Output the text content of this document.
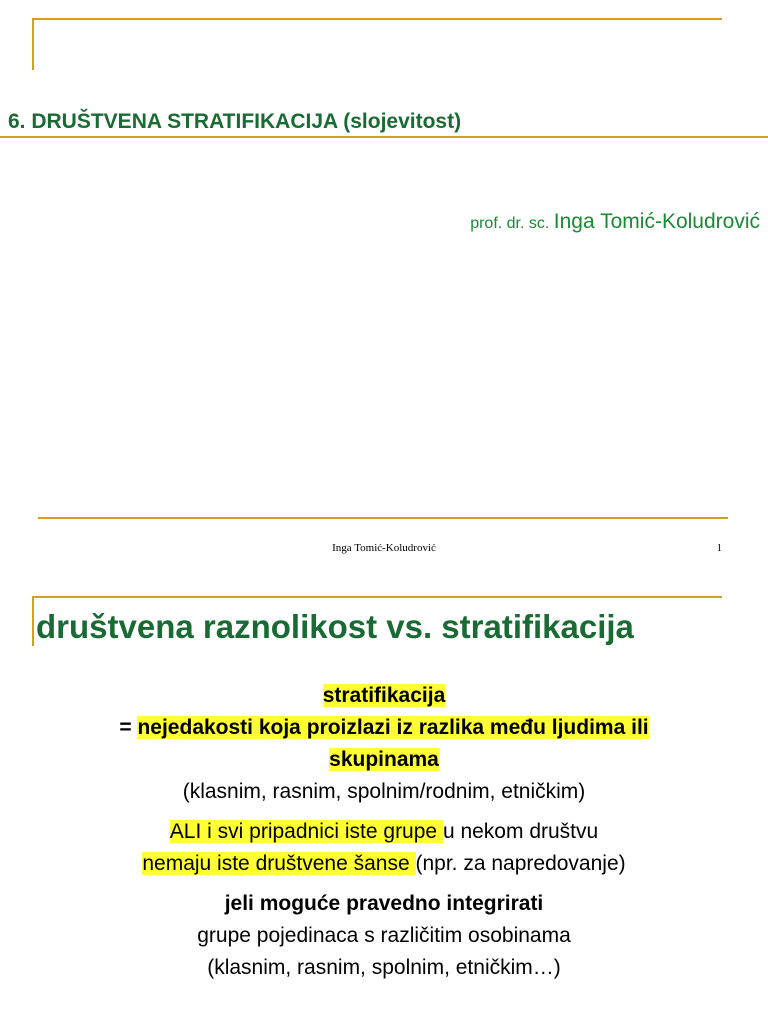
6. DRUŠTVENA STRATIFIKACIJA (slojevitost)
prof. dr. sc. Inga Tomić-Koludrović
Inga Tomić-Koludrović	1
društvena raznolikost vs. stratifikacija
stratifikacija
= nejedakosti koja proizlazi iz razlika među ljudima ili
skupinama
(klasnim, rasnim, spolnim/rodnim, etničkim)
ALI i svi pripadnici iste grupe u nekom društvu
nemaju iste društvene šanse (npr. za napredovanje)
jeli moguće pravedno integrirati
grupe pojedinaca s različitim osobinama
(klasnim, rasnim, spolnim, etničkim…)
